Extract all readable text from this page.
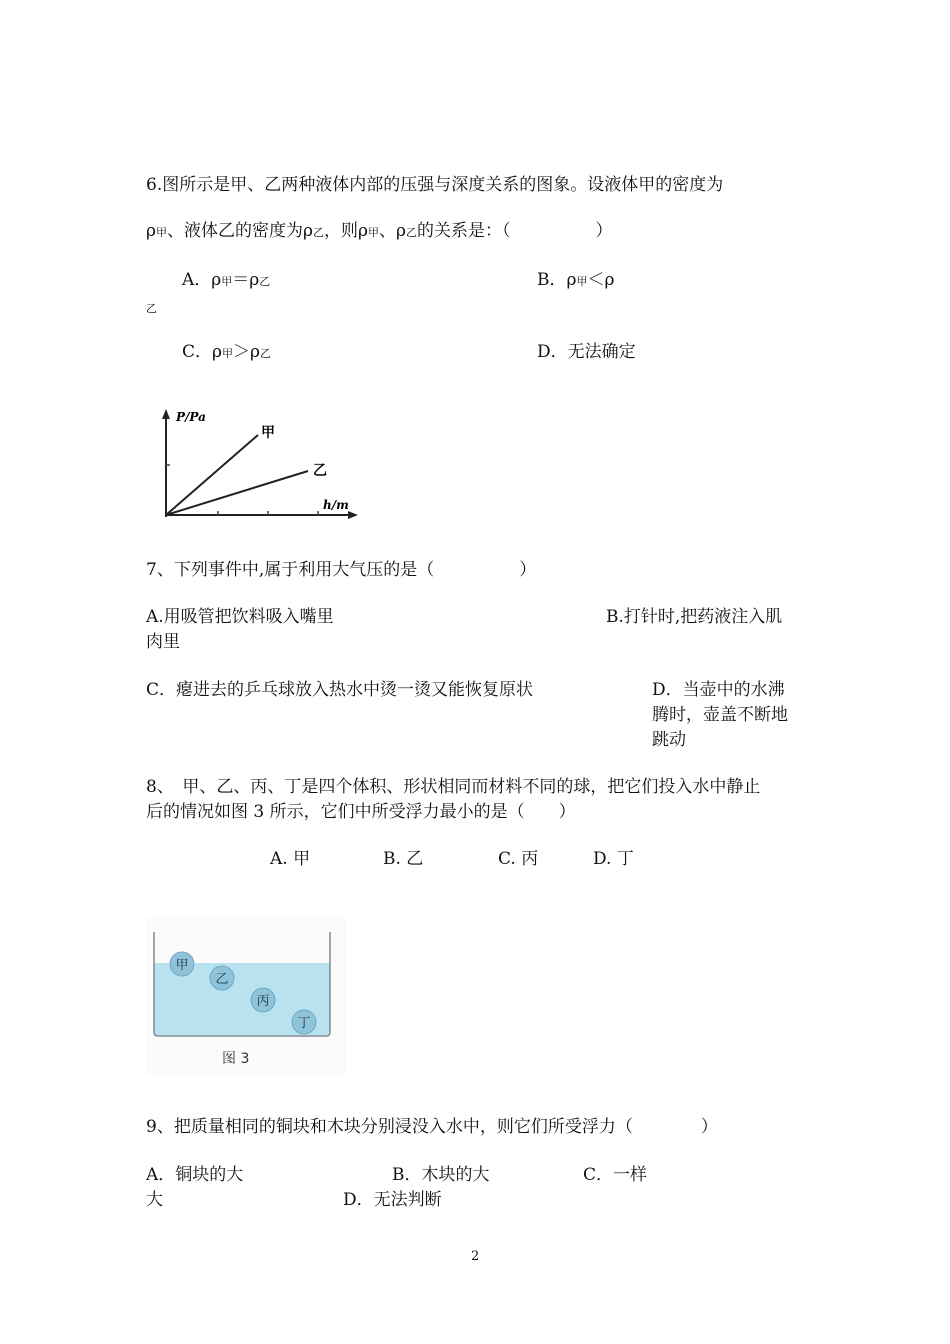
6.图所示是甲、乙两种液体内部的压强与深度关系的图象。设液体甲的密度为
ρ甲、液体乙的密度为ρ乙，则ρ甲、ρ乙的关系是：（　　　　　）
A．ρ甲＝ρ乙	B．ρ甲＜ρ
乙
C．ρ甲＞ρ乙	D．无法确定
P/Pa
h/m
甲
乙
7、下列事件中,属于利用大气压的是（　　　　　）
A.用吸管把饮料吸入嘴里	B.打针时,把药液注入肌
肉里
C．瘪进去的乒乓球放入热水中烫一烫又能恢复原状	D．当壶中的水沸
腾时，壶盖不断地
跳动
8、　甲、乙、丙、丁是四个体积、形状相同而材料不同的球，把它们投入水中静止
后的情况如图 3 所示，它们中所受浮力最小的是（　　）
A. 甲	B. 乙	C. 丙	D. 丁
甲
乙
丙
丁
图 3
9、把质量相同的铜块和木块分别浸没入水中，则它们所受浮力（　　　　）
A．铜块的大	B．木块的大	C．一样
大	D．无法判断
2
